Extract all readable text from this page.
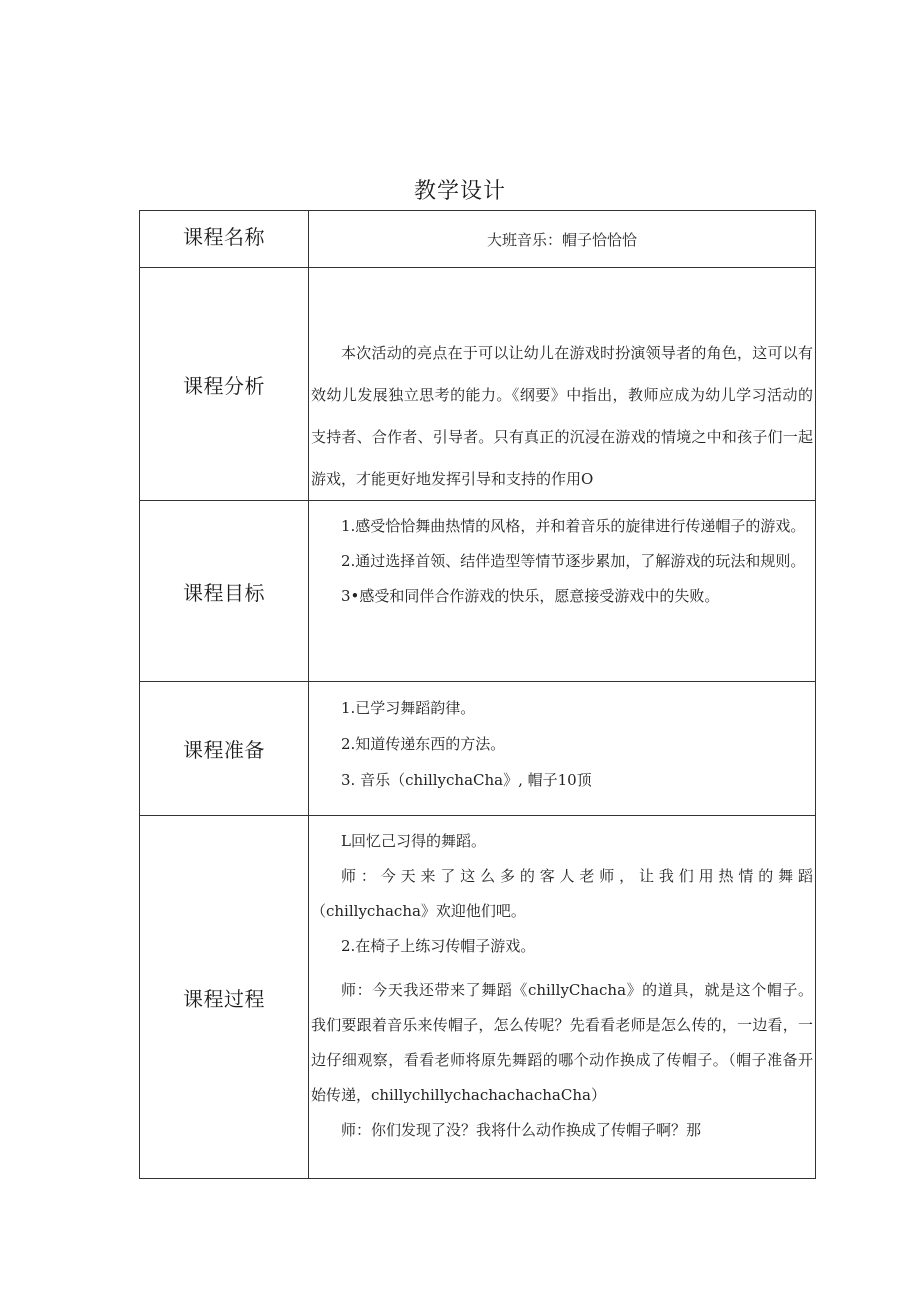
教学设计
课程名称	大班音乐：帽子恰恰恰
课程分析	本次活动的亮点在于可以让幼儿在游戏时扮演领导者的角色，这可以有效幼儿发展独立思考的能力。《纲要》中指出，教师应成为幼儿学习活动的支持者、合作者、引导者。只有真正的沉浸在游戏的情境之中和孩子们一起游戏，才能更好地发挥引导和支持的作用O

课程目标	1.感受恰恰舞曲热情的风格，并和着音乐的旋律进行传递帽子的游戏。

2.通过选择首领、结伴造型等情节逐步累加，了解游戏的玩法和规则。

3•感受和同伴合作游戏的快乐，愿意接受游戏中的失败。

课程准备	1.已学习舞蹈韵律。

2.知道传递东西的方法。

3. 音乐（chillychaCha》, 帽子10顶

课程过程	L回忆己习得的舞蹈。

师：今天来了这么多的客人老师，让我们用热情的舞蹈（chillychacha》欢迎他们吧。

2.在椅子上练习传帽子游戏。

师：今天我还带来了舞蹈《chillyChacha》的道具，就是这个帽子。我们要跟着音乐来传帽子，怎么传呢？先看看老师是怎么传的，一边看，一边仔细观察，看看老师将原先舞蹈的哪个动作换成了传帽子。（帽子准备开始传递，chillychillychachachachaCha）

师：你们发现了没？我将什么动作换成了传帽子啊？那
